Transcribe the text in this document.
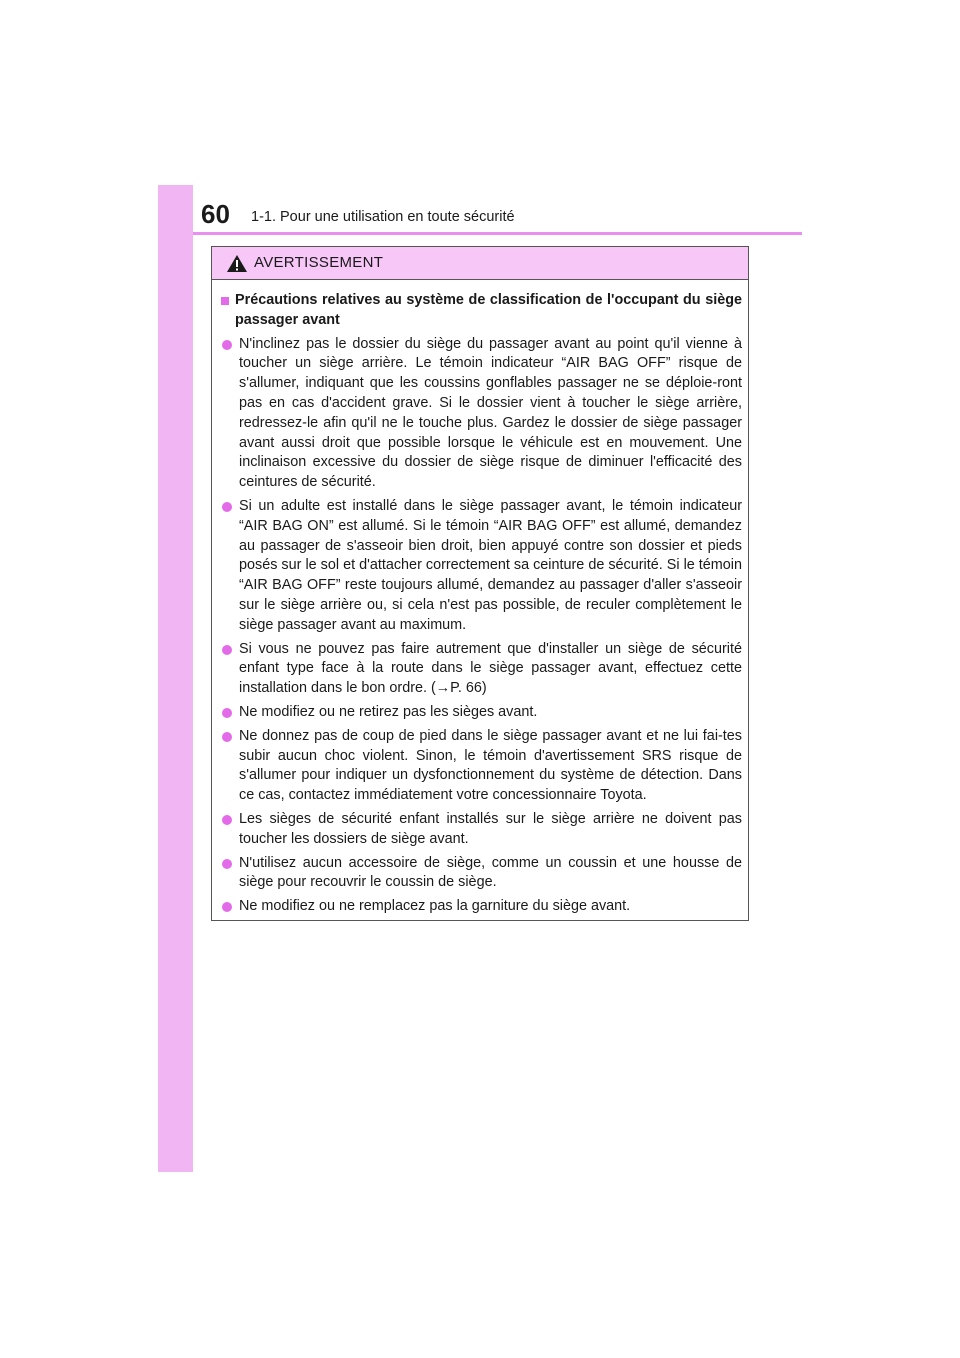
60 1-1. Pour une utilisation en toute sécurité
AVERTISSEMENT
Précautions relatives au système de classification de l'occupant du siège passager avant
N'inclinez pas le dossier du siège du passager avant au point qu'il vienne à toucher un siège arrière. Le témoin indicateur “AIR BAG OFF” risque de s'allumer, indiquant que les coussins gonflables passager ne se déploie-ront pas en cas d'accident grave. Si le dossier vient à toucher le siège arrière, redressez-le afin qu'il ne le touche plus. Gardez le dossier de siège passager avant aussi droit que possible lorsque le véhicule est en mouvement. Une inclinaison excessive du dossier de siège risque de diminuer l'efficacité des ceintures de sécurité.
Si un adulte est installé dans le siège passager avant, le témoin indicateur “AIR BAG ON” est allumé. Si le témoin “AIR BAG OFF” est allumé, demandez au passager de s'asseoir bien droit, bien appuyé contre son dossier et pieds posés sur le sol et d'attacher correctement sa ceinture de sécurité. Si le témoin “AIR BAG OFF” reste toujours allumé, demandez au passager d'aller s'asseoir sur le siège arrière ou, si cela n'est pas possible, de reculer complètement le siège passager avant au maximum.
Si vous ne pouvez pas faire autrement que d'installer un siège de sécurité enfant type face à la route dans le siège passager avant, effectuez cette installation dans le bon ordre. (→P. 66)
Ne modifiez ou ne retirez pas les sièges avant.
Ne donnez pas de coup de pied dans le siège passager avant et ne lui fai-tes subir aucun choc violent. Sinon, le témoin d'avertissement SRS risque de s'allumer pour indiquer un dysfonctionnement du système de détection. Dans ce cas, contactez immédiatement votre concessionnaire Toyota.
Les sièges de sécurité enfant installés sur le siège arrière ne doivent pas toucher les dossiers de siège avant.
N'utilisez aucun accessoire de siège, comme un coussin et une housse de siège pour recouvrir le coussin de siège.
Ne modifiez ou ne remplacez pas la garniture du siège avant.
